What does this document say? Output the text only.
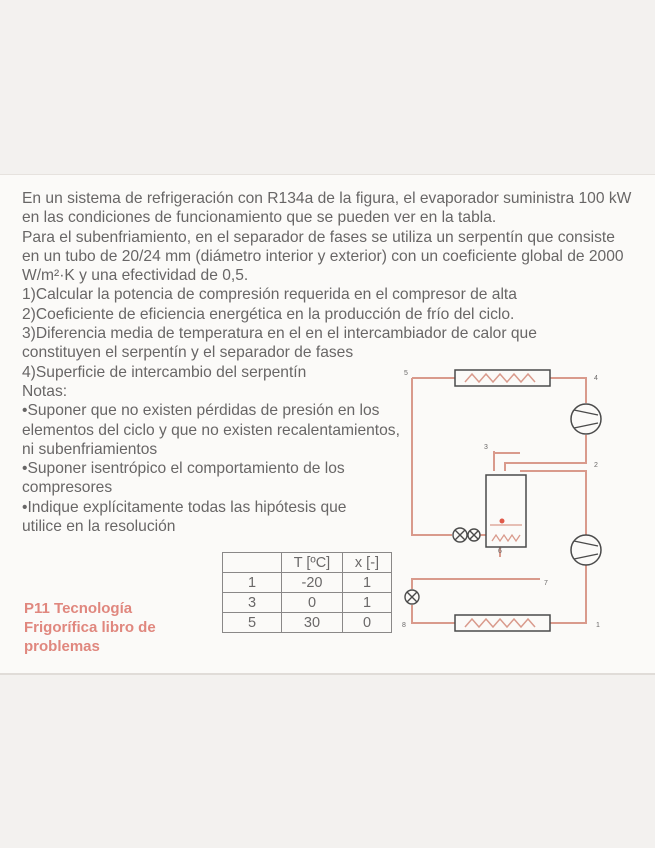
En un sistema de refrigeración con R134a de la figura, el evaporador suministra 100 kW en las condiciones de funcionamiento que se pueden ver en la tabla.

Para el subenfriamiento, en el separador de fases se utiliza un serpentín que consiste en un tubo de 20/24 mm (diámetro interior y exterior) con un coeficiente global de 2000 W/m²·K y una efectividad de 0,5.

1)Calcular la potencia de compresión requerida en el compresor de alta

2)Coeficiente de eficiencia energética en la producción de frío del ciclo.

3)Diferencia media de temperatura en el en el intercambiador de calor que constituyen el serpentín y el separador de fases

4)Superficie de intercambio del serpentín

Notas:

•Suponer que no existen pérdidas de presión en los elementos del ciclo y que no existen recalentamientos, ni subenfriamientos

•Suponer isentrópico el comportamiento de los compresores

•Indique explícitamente todas las hipótesis que utilice en la resolución

	T [ºC]	x [-]
1	-20	1
3	0	1
5	30	0
P11 Tecnología
Frigorífica libro de
problemas
1
2
3
4
5
6
7
8
